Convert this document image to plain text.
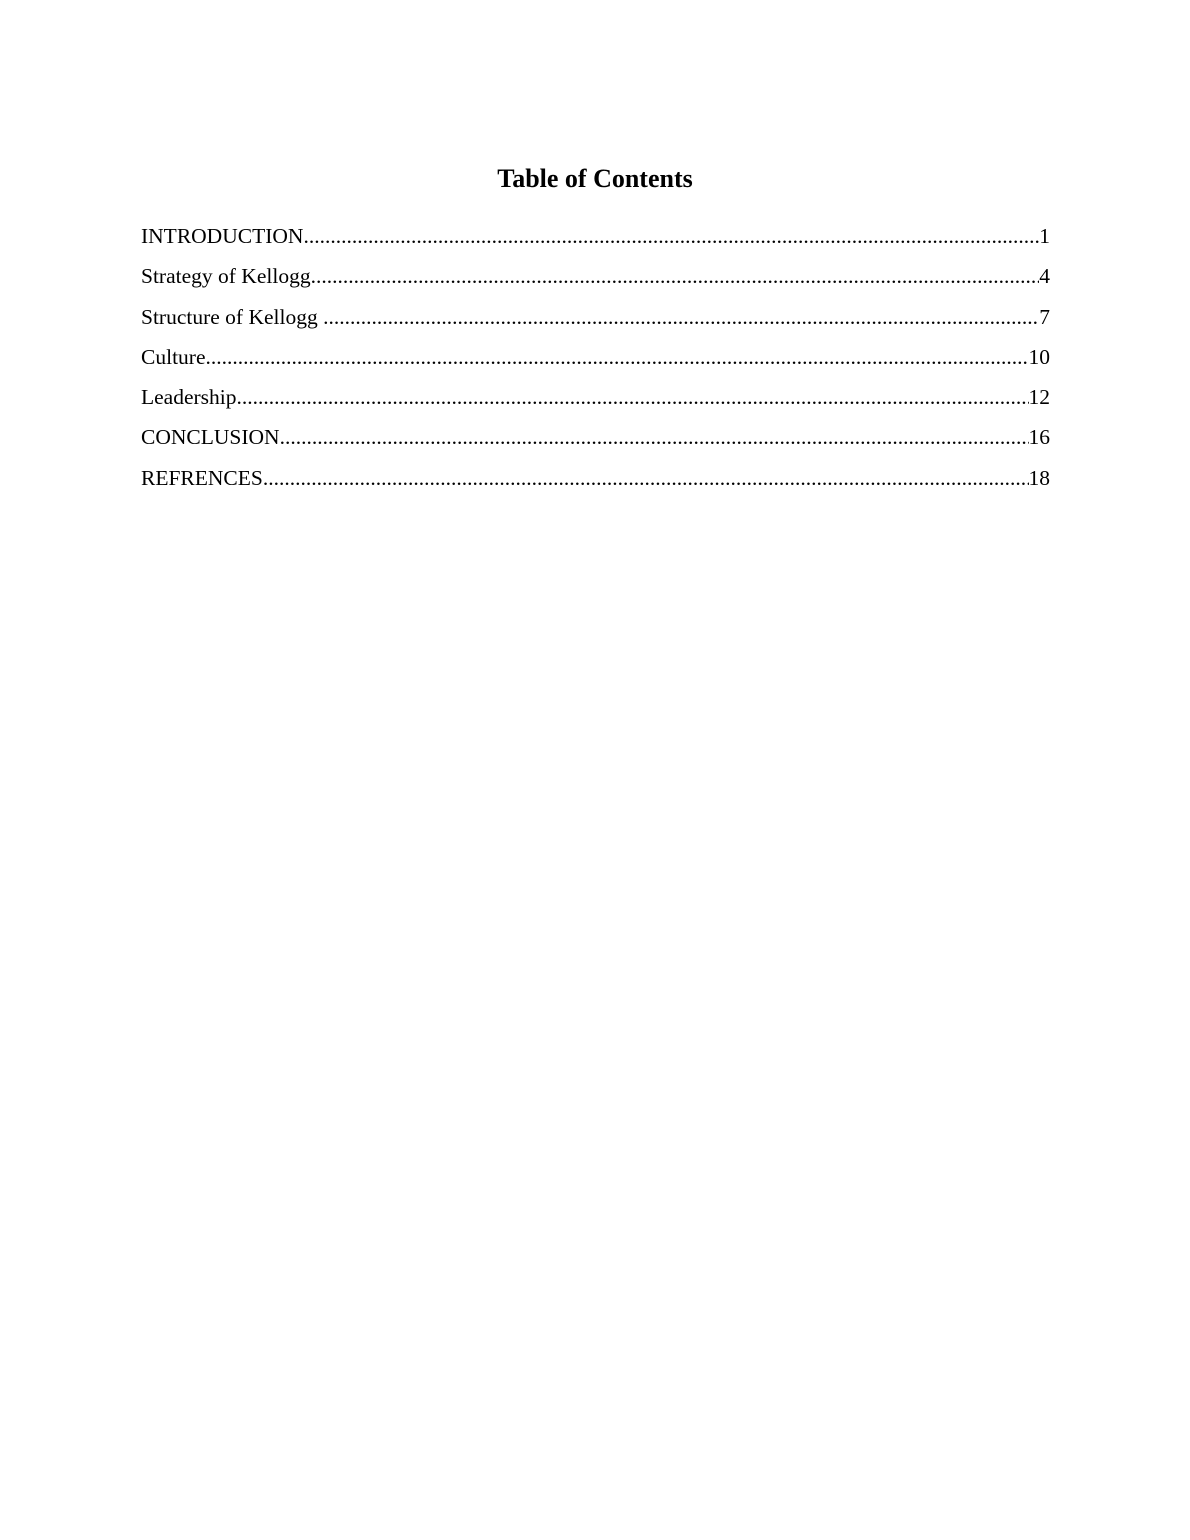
Table of Contents
INTRODUCTION .....	1
Strategy of Kellogg .....	4
Structure of Kellogg .....	7
Culture .....	10
Leadership .....	12
CONCLUSION .....	16
REFRENCES .....	18
